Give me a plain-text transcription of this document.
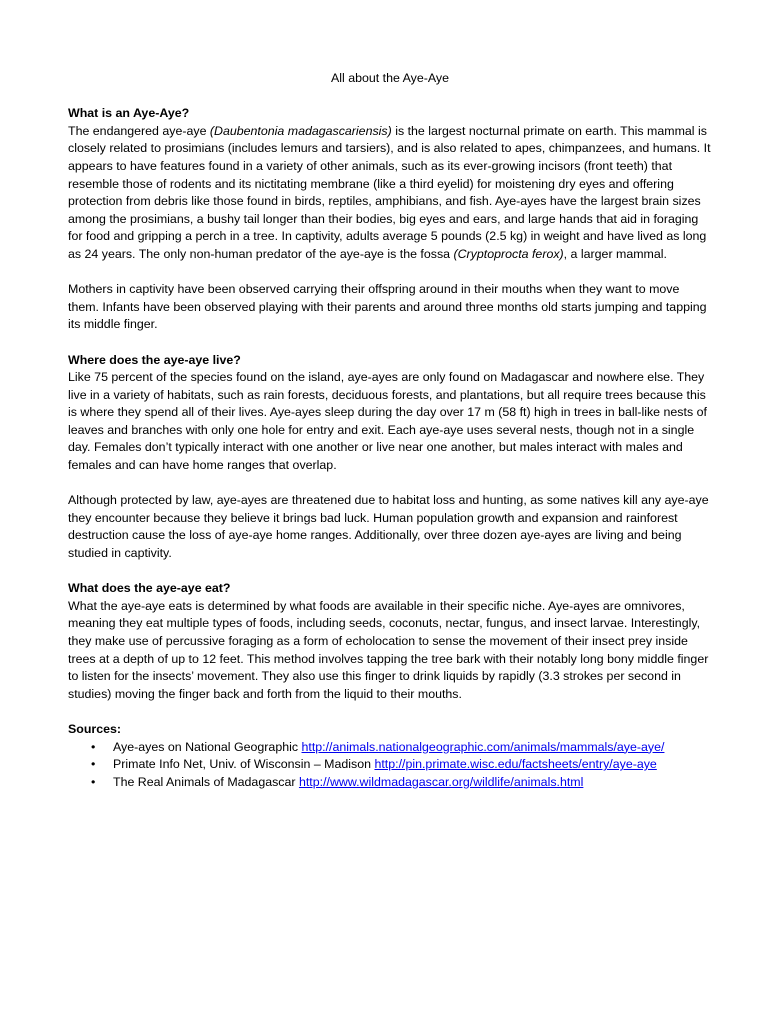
All about the Aye-Aye
What is an Aye-Aye?

The endangered aye-aye (Daubentonia madagascariensis) is the largest nocturnal primate on earth. This mammal is closely related to prosimians (includes lemurs and tarsiers), and is also related to apes, chimpanzees, and humans. It appears to have features found in a variety of other animals, such as its ever-growing incisors (front teeth) that resemble those of rodents and its nictitating membrane (like a third eyelid) for moistening dry eyes and offering protection from debris like those found in birds, reptiles, amphibians, and fish. Aye-ayes have the largest brain sizes among the prosimians, a bushy tail longer than their bodies, big eyes and ears, and large hands that aid in foraging for food and gripping a perch in a tree. In captivity, adults average 5 pounds (2.5 kg) in weight and have lived as long as 24 years. The only non-human predator of the aye-aye is the fossa (Cryptoprocta ferox), a larger mammal.

Mothers in captivity have been observed carrying their offspring around in their mouths when they want to move them. Infants have been observed playing with their parents and around three months old starts jumping and tapping its middle finger.

Where does the aye-aye live?

Like 75 percent of the species found on the island, aye-ayes are only found on Madagascar and nowhere else. They live in a variety of habitats, such as rain forests, deciduous forests, and plantations, but all require trees because this is where they spend all of their lives. Aye-ayes sleep during the day over 17 m (58 ft) high in trees in ball-like nests of leaves and branches with only one hole for entry and exit. Each aye-aye uses several nests, though not in a single day. Females don’t typically interact with one another or live near one another, but males interact with males and females and can have home ranges that overlap.

Although protected by law, aye-ayes are threatened due to habitat loss and hunting, as some natives kill any aye-aye they encounter because they believe it brings bad luck. Human population growth and expansion and rainforest destruction cause the loss of aye-aye home ranges. Additionally, over three dozen aye-ayes are living and being studied in captivity.

What does the aye-aye eat?

What the aye-aye eats is determined by what foods are available in their specific niche. Aye-ayes are omnivores, meaning they eat multiple types of foods, including seeds, coconuts, nectar, fungus, and insect larvae. Interestingly, they make use of percussive foraging as a form of echolocation to sense the movement of their insect prey inside trees at a depth of up to 12 feet. This method involves tapping the tree bark with their notably long bony middle finger to listen for the insects’ movement. They also use this finger to drink liquids by rapidly (3.3 strokes per second in studies) moving the finger back and forth from the liquid to their mouths.

Sources:
• Aye-ayes on National Geographic http://animals.nationalgeographic.com/animals/mammals/aye-aye/
• Primate Info Net, Univ. of Wisconsin – Madison http://pin.primate.wisc.edu/factsheets/entry/aye-aye
• The Real Animals of Madagascar http://www.wildmadagascar.org/wildlife/animals.html
